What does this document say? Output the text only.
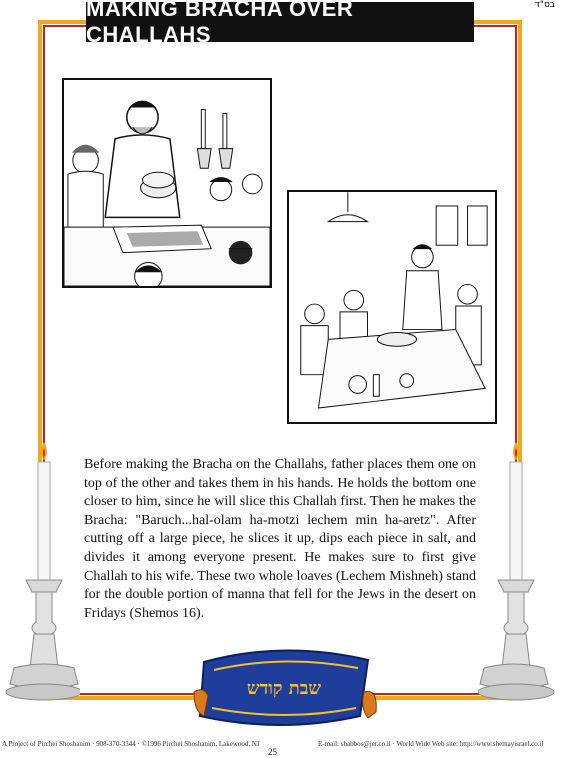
בס"ד
MAKING BRACHA OVER CHALLAHS
Before making the Bracha on the Challahs, father places them one on top of the other and takes them in his hands. He holds the bottom one closer to him, since he will slice this Challah first. Then he makes the Bracha: "Baruch...hal-olam ha-motzi lechem min ha-aretz". After cutting off a large piece, he slices it up, dips each piece in salt, and divides it among everyone present. He makes sure to first give Challah to his wife. These two whole loaves (Lechem Mishneh) stand for the double portion of manna that fell for the Jews in the desert on Fridays (Shemos 16).
שבת קודש
A Project of Pirchei Shoshanim · 908-370-3344 · ©1996 Pirchei Shoshanim, Lakewood, NJ	E-mail: shabbos@jer.co.il · World Wide Web site: http://www.shemayisrael.co.il
25
